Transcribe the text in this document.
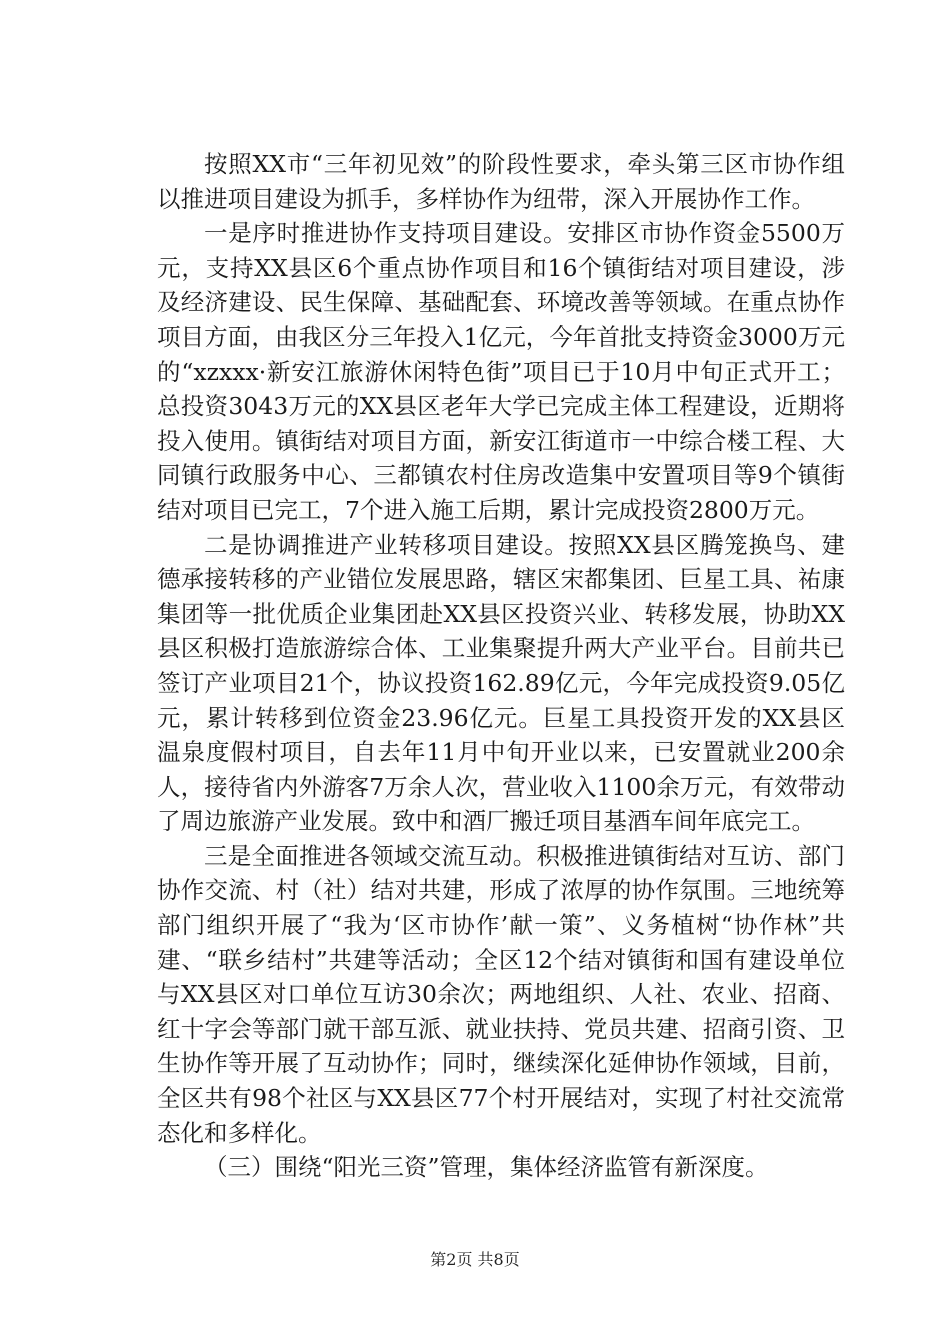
按照XX市“三年初见效”的阶段性要求，牵头第三区市协作组以推进项目建设为抓手，多样协作为纽带，深入开展协作工作。

一是序时推进协作支持项目建设。安排区市协作资金5500万元，支持XX县区6个重点协作项目和16个镇街结对项目建设，涉及经济建设、民生保障、基础配套、环境改善等领域。在重点协作项目方面，由我区分三年投入1亿元，今年首批支持资金3000万元的“xzxxx·新安江旅游休闲特色街”项目已于10月中旬正式开工；总投资3043万元的XX县区老年大学已完成主体工程建设，近期将投入使用。镇街结对项目方面，新安江街道市一中综合楼工程、大同镇行政服务中心、三都镇农村住房改造集中安置项目等9个镇街结对项目已完工，7个进入施工后期，累计完成投资2800万元。

二是协调推进产业转移项目建设。按照XX县区腾笼换鸟、建德承接转移的产业错位发展思路，辖区宋都集团、巨星工具、祐康集团等一批优质企业集团赴XX县区投资兴业、转移发展，协助XX县区积极打造旅游综合体、工业集聚提升两大产业平台。目前共已签订产业项目21个，协议投资162.89亿元，今年完成投资9.05亿元，累计转移到位资金23.96亿元。巨星工具投资开发的XX县区温泉度假村项目，自去年11月中旬开业以来，已安置就业200余人，接待省内外游客7万余人次，营业收入1100余万元，有效带动了周边旅游产业发展。致中和酒厂搬迁项目基酒车间年底完工。

三是全面推进各领域交流互动。积极推进镇街结对互访、部门协作交流、村（社）结对共建，形成了浓厚的协作氛围。三地统筹部门组织开展了“我为‘区市协作’献一策”、义务植树“协作林”共建、“联乡结村”共建等活动；全区12个结对镇街和国有建设单位与XX县区对口单位互访30余次；两地组织、人社、农业、招商、红十字会等部门就干部互派、就业扶持、党员共建、招商引资、卫生协作等开展了互动协作；同时，继续深化延伸协作领域，目前，全区共有98个社区与XX县区77个村开展结对，实现了村社交流常态化和多样化。

（三）围绕“阳光三资”管理，集体经济监管有新深度。

第2页 共8页
